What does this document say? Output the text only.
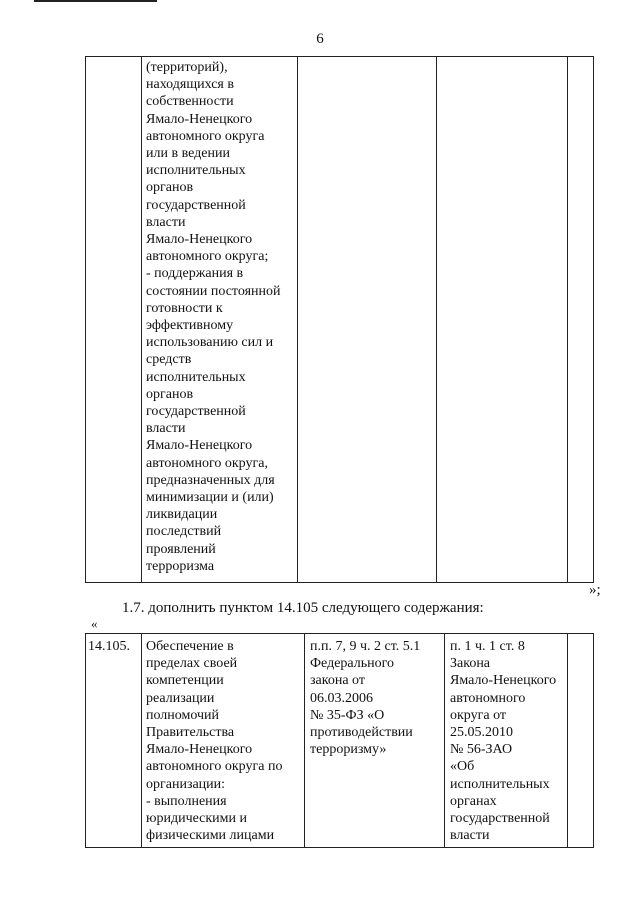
6
(территорий),
находящихся в
собственности
Ямало-Ненецкого
автономного округа
или в ведении
исполнительных
органов
государственной
власти
Ямало-Ненецкого
автономного округа;
- поддержания в
состоянии постоянной
готовности к
эффективному
использованию сил и
средств
исполнительных
органов
государственной
власти
Ямало-Ненецкого
автономного округа,
предназначенных для
минимизации и (или)
ликвидации
последствий
проявлений
терроризма
»;
1.7. дополнить пунктом 14.105 следующего содержания:
«
14.105.	Обеспечение в
пределах своей
компетенции
реализации
полномочий
Правительства
Ямало-Ненецкого
автономного округа по
организации:
- выполнения
юридическими и
физическими лицами
п.п. 7, 9 ч. 2 ст. 5.1
Федерального
закона от
06.03.2006
№ 35-ФЗ «О
противодействии
терроризму»
п. 1 ч. 1 ст. 8
Закона
Ямало-Ненецкого
автономного
округа от
25.05.2010
№ 56-ЗАО
«Об
исполнительных
органах
государственной
власти
